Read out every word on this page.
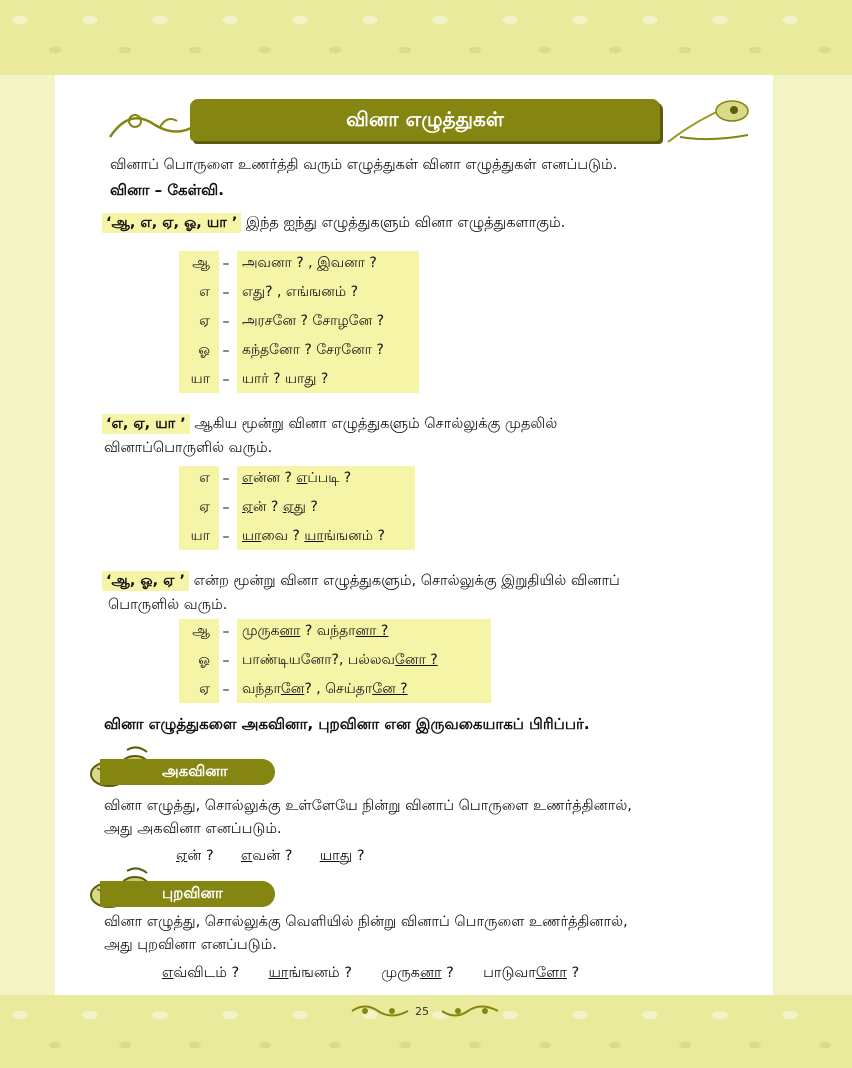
வினா எழுத்துகள்
வினாப் பொருளை உணர்த்தி வரும் எழுத்துகள் வினா எழுத்துகள் எனப்படும்.
வினா – கேள்வி.
‘ஆ, எ, ஏ, ஓ, யா ’ இந்த ஐந்து எழுத்துகளும் வினா எழுத்துகளாகும்.
ஆ – அவனா ? , இவனா ?
எ – எது? , எங்ஙனம் ?
ஏ – அரசனே ? சோழனே ?
ஓ – கந்தனோ ? சேரனோ ?
யா – யார் ? யாது ?
‘எ, ஏ, யா ’ ஆகிய மூன்று வினா எழுத்துகளும் சொல்லுக்கு முதலில்
வினாப்பொருளில் வரும்.
எ – என்ன ? எப்படி ?
ஏ – ஏன் ? ஏது ?
யா – யாவை ? யாங்ஙனம் ?
‘ஆ, ஓ, ஏ ’ என்ற மூன்று வினா எழுத்துகளும், சொல்லுக்கு இறுதியில் வினாப்
பொருளில் வரும்.
ஆ – முருகனா ? வந்தானா ?
ஓ – பாண்டியனோ?, பல்லவனோ ?
ஏ – வந்தானே? , செய்தானே ?
வினா எழுத்துகளை அகவினா, புறவினா என இருவகையாகப் பிரிப்பர்.
அகவினா
வினா எழுத்து, சொல்லுக்கு உள்ளேயே நின்று வினாப் பொருளை உணர்த்தினால்,
அது அகவினா எனப்படும்.
ஏன் ? எவன் ? யாது ?
புறவினா
வினா எழுத்து, சொல்லுக்கு வெளியில் நின்று வினாப் பொருளை உணர்த்தினால்,
அது புறவினா எனப்படும்.
எவ்விடம் ? யாங்ஙனம் ? முருகனா ? பாடுவாளோ ?
25
